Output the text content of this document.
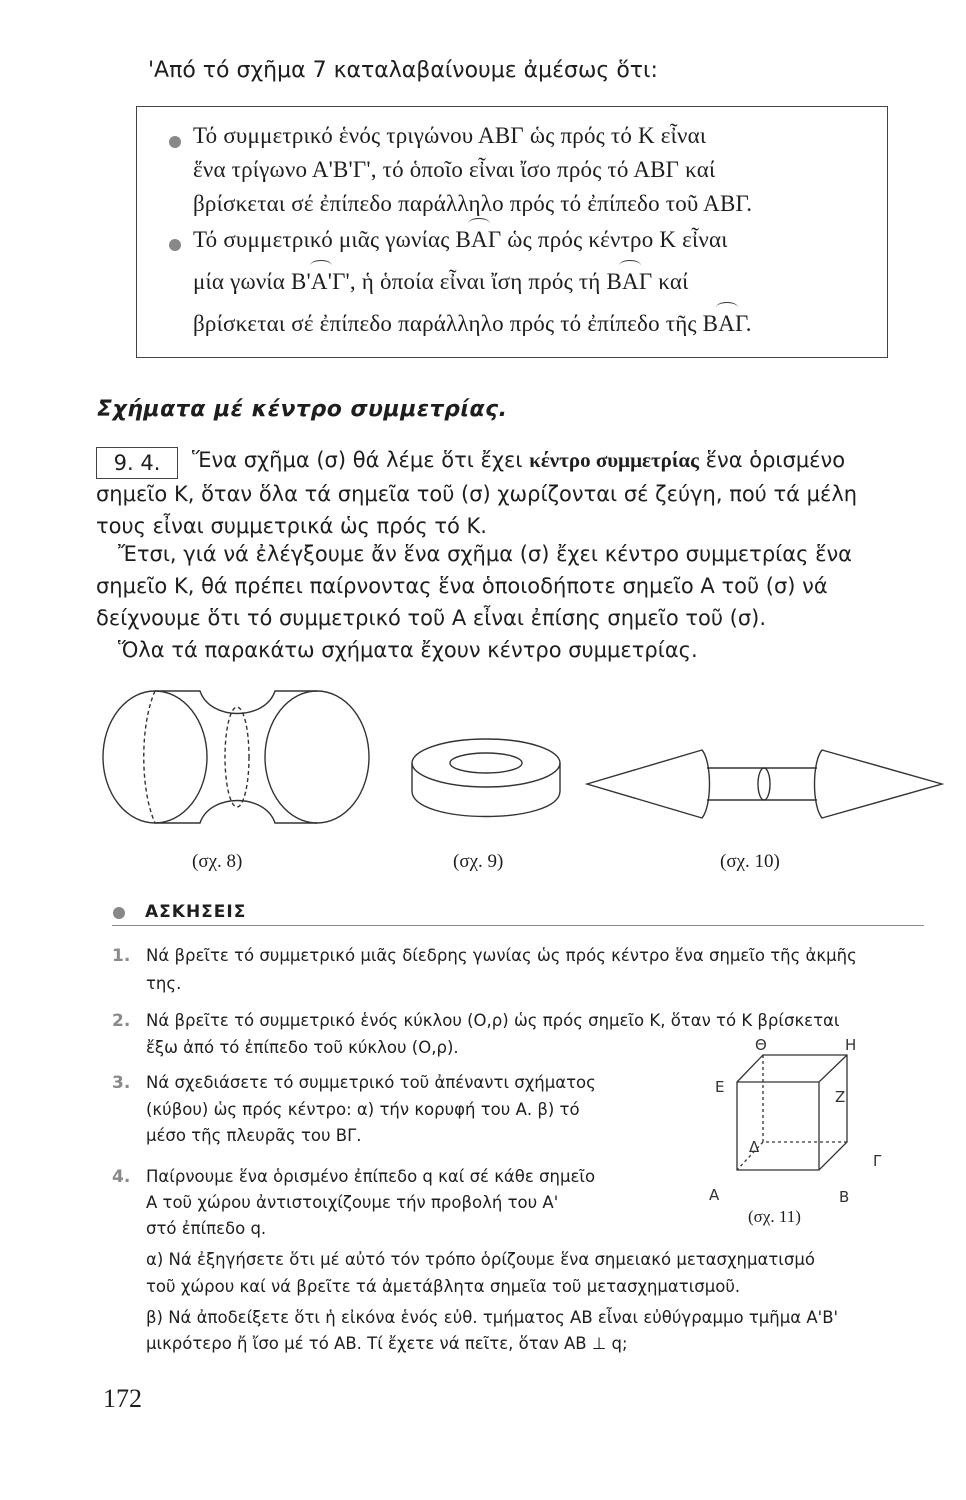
'Από τό σχῆμα 7 καταλαβαίνουμε ἀμέσως ὅτι:
Τό συμμετρικό ἑνός τριγώνου ΑΒΓ ὡς πρός τό Κ εἶναι
ἕνα τρίγωνο Α'Β'Γ', τό ὁποῖο εἶναι ἴσο πρός τό ΑΒΓ καί
βρίσκεται σέ ἐπίπεδο παράλληλο πρός τό ἐπίπεδο τοῦ ΑΒΓ.
Τό συμμετρικό μιᾶς γωνίας ΒΑΓ ὡς πρός κέντρο Κ εἶναι
μία γωνία Β'Α'Γ', ἡ ὁποία εἶναι ἴση πρός τή ΒΑΓ καί
βρίσκεται σέ ἐπίπεδο παράλληλο πρός τό ἐπίπεδο τῆς ΒΑΓ.
Σχήματα μέ κέντρο συμμετρίας.
9. 4.	Ἕνα σχῆμα (σ) θά λέμε ὅτι ἔχει κέντρο συμμετρίας ἕνα ὁρισμένο
σημεῖο Κ, ὅταν ὅλα τά σημεῖα τοῦ (σ) χωρίζονται σέ ζεύγη, πού τά μέλη
τους εἶναι συμμετρικά ὡς πρός τό Κ.
Ἔτσι, γιά νά ἐλέγξουμε ἄν ἕνα σχῆμα (σ) ἔχει κέντρο συμμετρίας ἕνα
σημεῖο Κ, θά πρέπει παίρνοντας ἕνα ὁποιοδήποτε σημεῖο Α τοῦ (σ) νά
δείχνουμε ὅτι τό συμμετρικό τοῦ Α εἶναι ἐπίσης σημεῖο τοῦ (σ).
Ὅλα τά παρακάτω σχήματα ἔχουν κέντρο συμμετρίας.
(σχ. 8)	(σχ. 9)	(σχ. 10)
ΑΣΚΗΣΕΙΣ
1. Νά βρεῖτε τό συμμετρικό μιᾶς δίεδρης γωνίας ὡς πρός κέντρο ἕνα σημεῖο τῆς ἀκμῆς
της.
2. Νά βρεῖτε τό συμμετρικό ἑνός κύκλου (Ο,ρ) ὡς πρός σημεῖο Κ, ὅταν τό Κ βρίσκεται
ἔξω ἀπό τό ἐπίπεδο τοῦ κύκλου (Ο,ρ).
3. Νά σχεδιάσετε τό συμμετρικό τοῦ ἀπέναντι σχήματος
(κύβου) ὡς πρός κέντρο: α) τήν κορυφή του Α. β) τό
μέσο τῆς πλευρᾶς του ΒΓ.
4. Παίρνουμε ἕνα ὁρισμένο ἐπίπεδο q καί σέ κάθε σημεῖο
Α τοῦ χώρου ἀντιστοιχίζουμε τήν προβολή του Α'
στό ἐπίπεδο q.
α) Νά ἐξηγήσετε ὅτι μέ αὐτό τόν τρόπο ὁρίζουμε ἕνα σημειακό μετασχηματισμό
τοῦ χώρου καί νά βρεῖτε τά ἀμετάβλητα σημεῖα τοῦ μετασχηματισμοῦ.
β) Νά ἀποδείξετε ὅτι ἡ εἰκόνα ἑνός εὐθ. τμήματος ΑΒ εἶναι εὐθύγραμμο τμῆμα Α'Β'
μικρότερο ἤ ἴσο μέ τό ΑΒ. Τί ἔχετε νά πεῖτε, ὅταν ΑΒ ⊥ q;
Θ	Η
Ε
Ζ
Δ
Γ
Α	Β
(σχ. 11)
172
